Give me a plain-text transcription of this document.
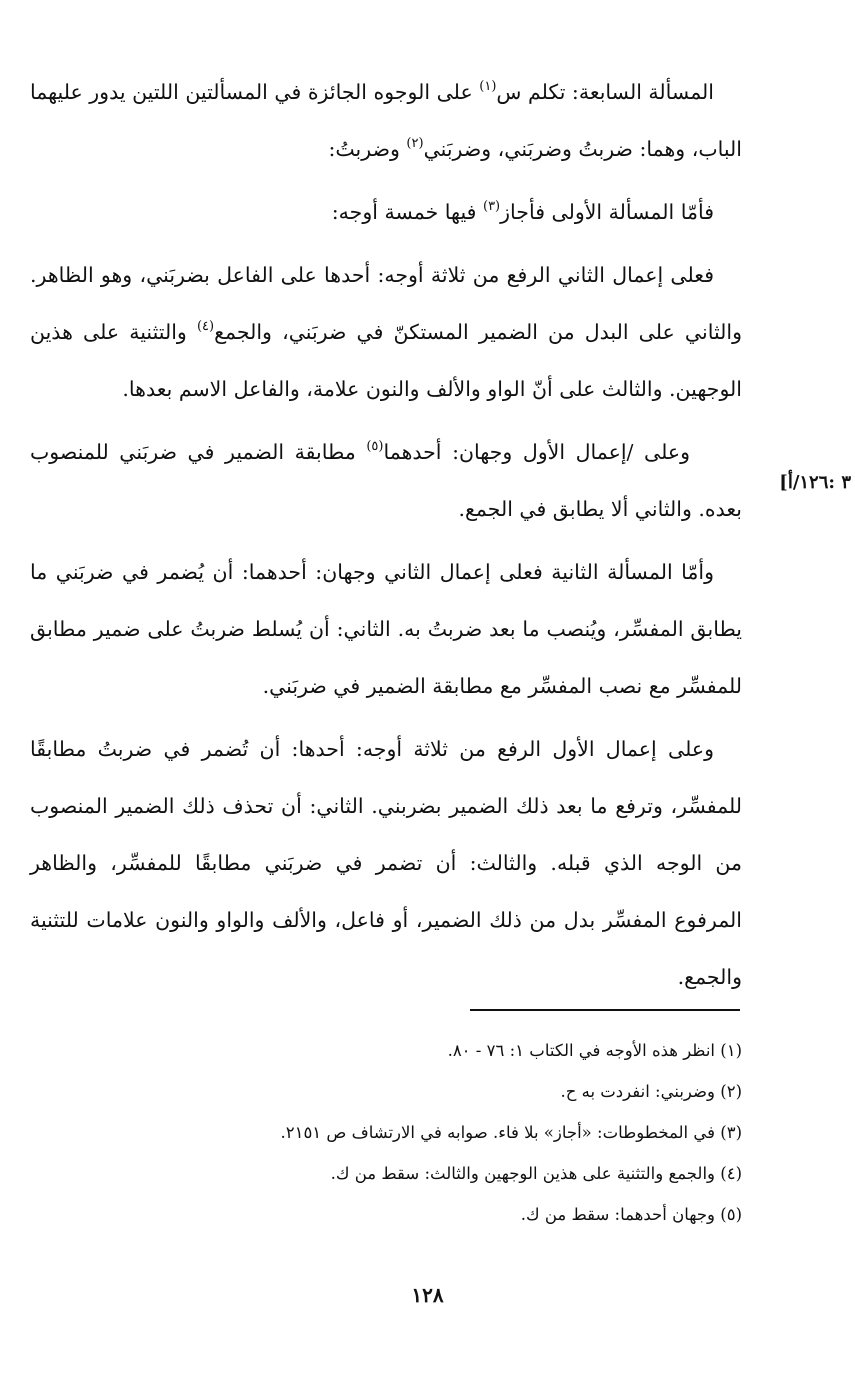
المسألة السابعة: تكلم س$^{(١)}$ على الوجوه الجائزة في المسألتين اللتين يدور عليهما الباب، وهما: ضربتُ وضربَني، وضربَني$^{(٢)}$ وضربتُ:

فأمّا المسألة الأولى فأجاز$^{(٣)}$ فيها خمسة أوجه:

فعلى إعمال الثاني الرفع من ثلاثة أوجه: أحدها على الفاعل بضربَني، وهو الظاهر. والثاني على البدل من الضمير المستكنّ في ضربَني، والجمع$^{(٤)}$ والتثنية على هذين الوجهين. والثالث على أنّ الواو والألف والنون علامة، والفاعل الاسم بعدها.

وعلى /إعمال الأول وجهان: أحدهما$^{(٥)}$ مطابقة الضمير في ضربَني للمنصوب بعده. والثاني ألا يطابق في الجمع.

وأمّا المسألة الثانية فعلى إعمال الثاني وجهان: أحدهما: أن يُضمر في ضربَني ما يطابق المفسِّر، ويُنصب ما بعد ضربتُ به. الثاني: أن يُسلط ضربتُ على ضمير مطابق للمفسِّر مع نصب المفسِّر مع مطابقة الضمير في ضربَني.

وعلى إعمال الأول الرفع من ثلاثة أوجه: أحدها: أن تُضمر في ضربتُ مطابقًا للمفسِّر، وترفع ما بعد ذلك الضمير بضربني. الثاني: أن تحذف ذلك الضمير المنصوب من الوجه الذي قبله. والثالث: أن تضمر في ضربَني مطابقًا للمفسِّر، والظاهر المرفوع المفسِّر بدل من ذلك الضمير، أو فاعل، والألف والواو والنون علامات للتثنية والجمع.

٣ :١٢٦/أ]

(١) انظر هذه الأوجه في الكتاب ١: ٧٦ - ٨٠.

(٢) وضربني: انفردت به ح.

(٣) في المخطوطات: «أجاز» بلا فاء. صوابه في الارتشاف ص ٢١٥١.

(٤) والجمع والتثنية على هذين الوجهين والثالث: سقط من ك.

(٥) وجهان أحدهما: سقط من ك.

١٢٨
